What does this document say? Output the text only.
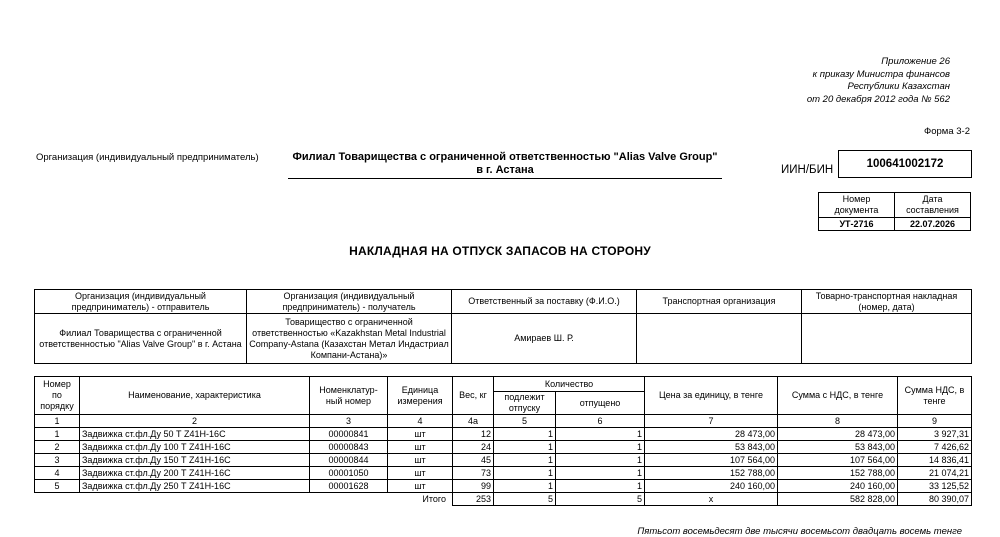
Приложение 26
к приказу Министра финансов
Республики Казахстан
от 20 декабря 2012 года № 562
Форма 3-2
Организация (индивидуальный предприниматель)	Филиал Товарищества с ограниченной ответственностью "Alias Valve Group" в г. Астана	ИИН/БИН	100641002172
Номер документа	Дата составления
УТ-2716	22.07.2026
НАКЛАДНАЯ НА ОТПУСК ЗАПАСОВ НА СТОРОНУ
Организация (индивидуальный предприниматель) - отправитель	Организация (индивидуальный предприниматель) - получатель	Ответственный за поставку (Ф.И.О.)	Транспортная организация	Товарно-транспортная накладная (номер, дата)
Филиал Товарищества с ограниченной ответственностью "Alias Valve Group" в г. Астана	Товарищество с ограниченной ответственностью «Kazakhstan Metal Industrial Company-Astana (Казахстан Метал Индастриал Компани-Астана)»	Амираев Ш. Р.		
Номер по порядку	Наименование, характеристика	Номенклатур-ный номер	Единица измерения	Вес, кг	Количество		Цена за единицу, в тенге	Сумма с НДС, в тенге	Сумма НДС, в тенге
					подлежит отпуску	отпущено			
1	2	3	4	4a	5	6	7	8	9
1	Задвижка ст.фл.Ду 50 Т Z41H-16C	00000841	шт	12	1	1	28 473,00	28 473,00	3 927,31
2	Задвижка ст.фл.Ду 100 Т Z41H-16C	00000843	шт	24	1	1	53 843,00	53 843,00	7 426,62
3	Задвижка ст.фл.Ду 150 Т Z41H-16C	00000844	шт	45	1	1	107 564,00	107 564,00	14 836,41
4	Задвижка ст.фл.Ду 200 Т Z41H-16C	00001050	шт	73	1	1	152 788,00	152 788,00	21 074,21
5	Задвижка ст.фл.Ду 250 Т Z41H-16C	00001628	шт	99	1	1	240 160,00	240 160,00	33 125,52
Итого				253	5	5	х	582 828,00	80 390,07
Пятьсот восемьдесят две тысячи восемьсот двадцать восемь тенге
